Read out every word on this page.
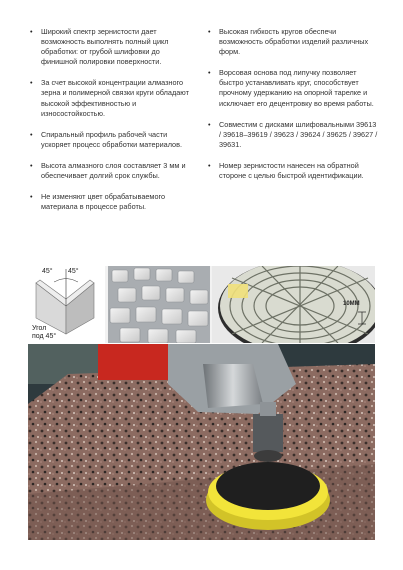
• Широкий спектр зернистости дает возможность выполнять полный цикл обработки: от грубой шлифовки до финишной полировки поверхности.

• За счет высокой концентрации алмазного зерна и полимерной связки круги обладают высокой эффективностью и износостойкостью.

• Спиральный профиль рабочей части ускоряет процесс обработки материалов.

• Высота алмазного слоя составляет 3 мм и обеспечивает долгий срок службы.

• Не изменяют цвет обрабатываемого материала в процессе работы.

• Высокая гибкость кругов обеспечи возможность обработки изделий различных форм.

• Ворсовая основа под липучку позволяет быстро устанавливать круг, способствует прочному удержанию на опорной тарелке и исключает его децентровку во время работы.

• Совместим с дисками шлифовальными 39613 / 39618–39619 / 39623 / 39624 / 39625 / 39627 / 39631.

• Номер зернистости нанесен на обратной стороне с целью быстрой идентификации.

45° 45°
Угол
под 45°
10ММ
